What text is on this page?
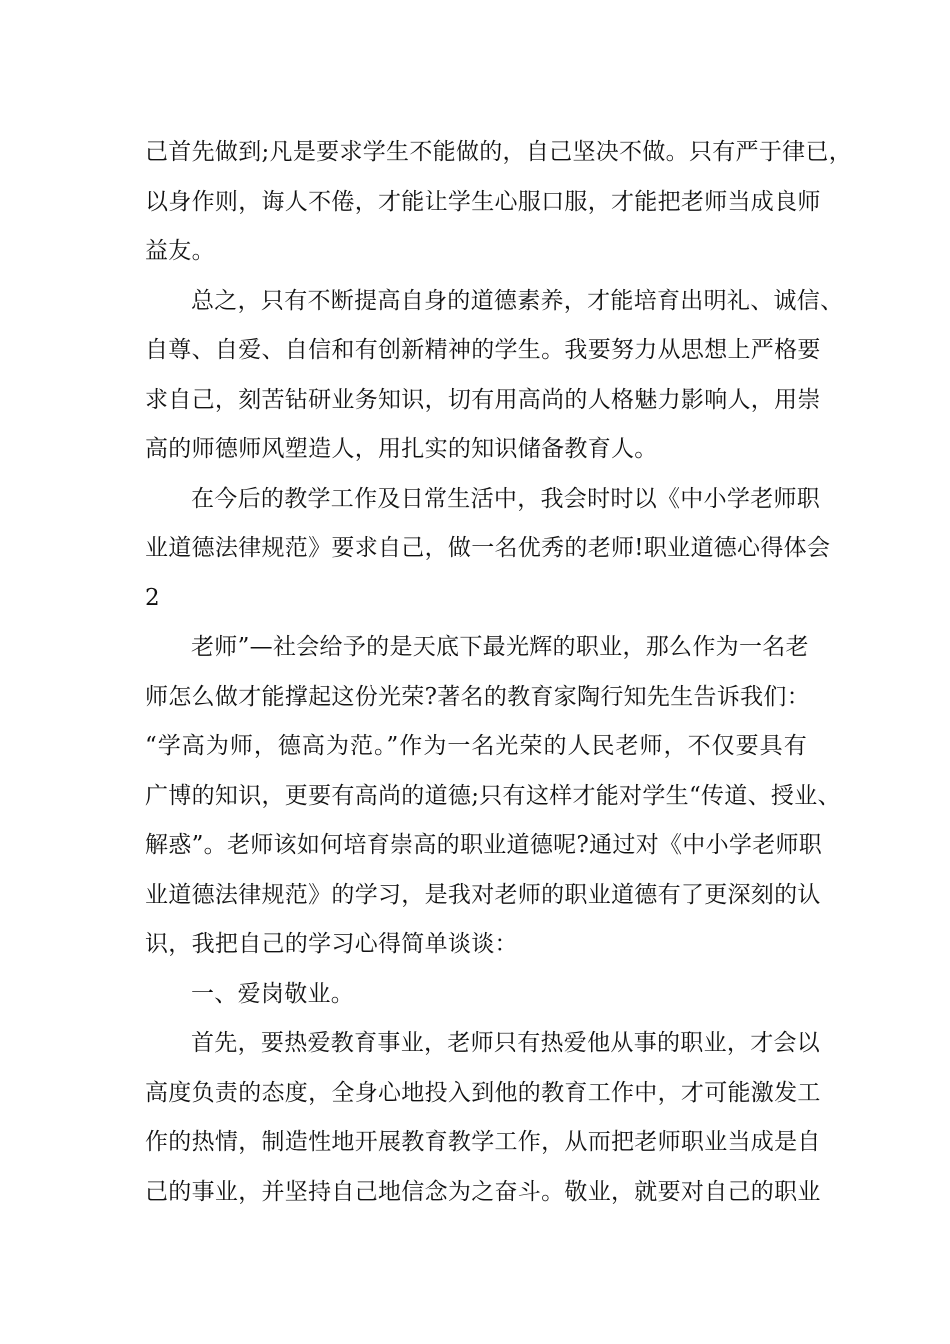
己首先做到;凡是要求学生不能做的，自己坚决不做。只有严于律已，
以身作则，诲人不倦，才能让学生心服口服，才能把老师当成良师
益友。
总之，只有不断提高自身的道德素养，才能培育出明礼、诚信、
自尊、自爱、自信和有创新精神的学生。我要努力从思想上严格要
求自己，刻苦钻研业务知识，切有用高尚的人格魅力影响人，用崇
高的师德师风塑造人，用扎实的知识储备教育人。
在今后的教学工作及日常生活中，我会时时以《中小学老师职
业道德法律规范》要求自己，做一名优秀的老师!职业道德心得体会
2
老师”—社会给予的是天底下最光辉的职业，那么作为一名老
师怎么做才能撑起这份光荣?著名的教育家陶行知先生告诉我们：
“学高为师，德高为范。”作为一名光荣的人民老师，不仅要具有
广博的知识，更要有高尚的道德;只有这样才能对学生“传道、授业、
解惑”。老师该如何培育崇高的职业道德呢?通过对《中小学老师职
业道德法律规范》的学习，是我对老师的职业道德有了更深刻的认
识，我把自己的学习心得简单谈谈：
一、爱岗敬业。
首先，要热爱教育事业，老师只有热爱他从事的职业，才会以
高度负责的态度，全身心地投入到他的教育工作中，才可能激发工
作的热情，制造性地开展教育教学工作，从而把老师职业当成是自
己的事业，并坚持自己地信念为之奋斗。敬业，就要对自己的职业
